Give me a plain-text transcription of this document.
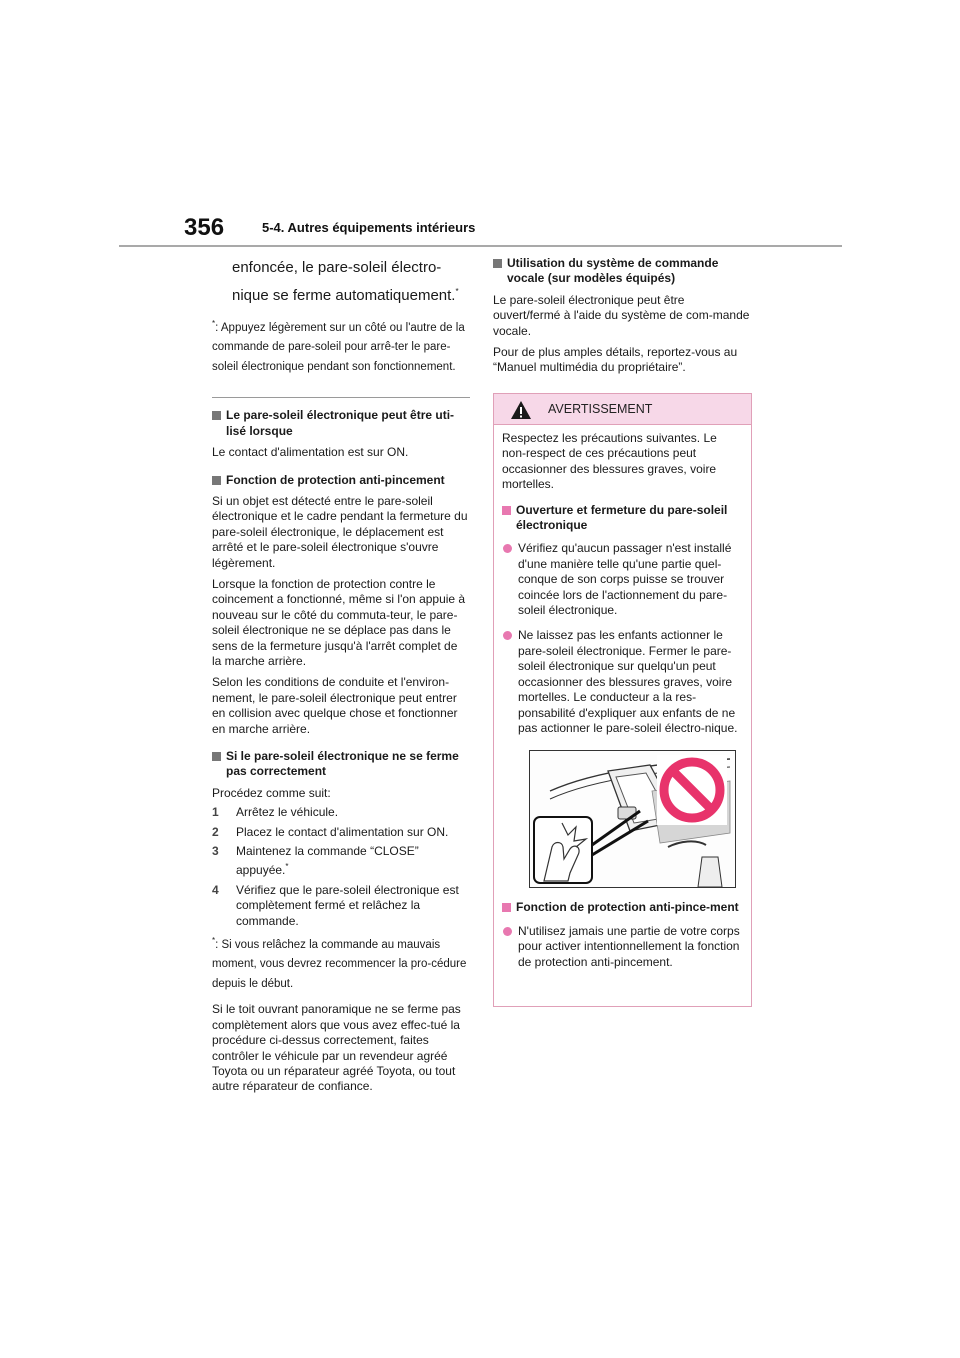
356	5-4. Autres équipements intérieurs

enfoncée, le pare-soleil électro-

nique se ferme automatiquement.*

*: Appuyez légèrement sur un côté ou l'autre de la commande de pare-soleil pour arrê-ter le pare-soleil électronique pendant son fonctionnement.

Le pare-soleil électronique peut être uti-lisé lorsque

Le contact d'alimentation est sur ON.

Fonction de protection anti-pincement

Si un objet est détecté entre le pare-soleil électronique et le cadre pendant la fermeture du pare-soleil électronique, le déplacement est arrêté et le pare-soleil électronique s'ouvre légèrement.

Lorsque la fonction de protection contre le coincement a fonctionné, même si l'on appuie à nouveau sur le côté du commuta-teur, le pare-soleil électronique ne se déplace pas dans le sens de la fermeture jusqu'à l'arrêt complet de la marche arrière.

Selon les conditions de conduite et l'environ-nement, le pare-soleil électronique peut entrer en collision avec quelque chose et fonctionner en marche arrière.

Si le pare-soleil électronique ne se ferme pas correctement

Procédez comme suit:

1 Arrêtez le véhicule.
2 Placez le contact d'alimentation sur ON.
3 Maintenez la commande “CLOSE” appuyée.*
4 Vérifiez que le pare-soleil électronique est complètement fermé et relâchez la commande.

*: Si vous relâchez la commande au mauvais moment, vous devrez recommencer la pro-cédure depuis le début.

Si le toit ouvrant panoramique ne se ferme pas complètement alors que vous avez effec-tué la procédure ci-dessus correctement, faites contrôler le véhicule par un revendeur agréé Toyota ou un réparateur agréé Toyota, ou tout autre réparateur de confiance.

Utilisation du système de commande vocale (sur modèles équipés)

Le pare-soleil électronique peut être ouvert/fermé à l'aide du système de com-mande vocale.

Pour de plus amples détails, reportez-vous au “Manuel multimédia du propriétaire”.

AVERTISSEMENT

Respectez les précautions suivantes. Le non-respect de ces précautions peut occasionner des blessures graves, voire mortelles.

Ouverture et fermeture du pare-soleil électronique
Vérifiez qu'aucun passager n'est installé d'une manière telle qu'une partie quel-conque de son corps puisse se trouver coincée lors de l'actionnement du pare-soleil électronique.
Ne laissez pas les enfants actionner le pare-soleil électronique. Fermer le pare-soleil électronique sur quelqu'un peut occasionner des blessures graves, voire mortelles. Le conducteur a la res-ponsabilité d'expliquer aux enfants de ne pas actionner le pare-soleil électro-nique.
Fonction de protection anti-pince-ment
N'utilisez jamais une partie de votre corps pour activer intentionnellement la fonction de protection anti-pincement.
